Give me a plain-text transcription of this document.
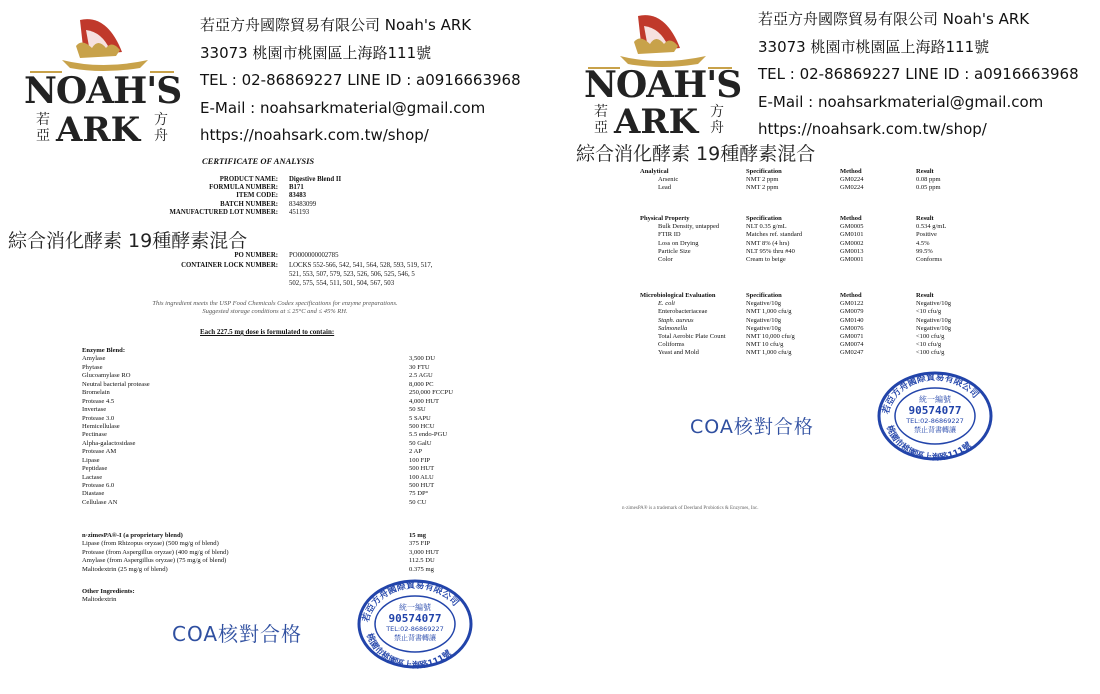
NOAH'S
若
亞 ARK 方
舟
若亞方舟國際貿易有限公司 Noah's ARK
33073 桃園市桃園區上海路111號
TEL : 02-86869227 LINE ID : a0916663968
E-Mail : noahsarkmaterial@gmail.com
https://noahsark.com.tw/shop/
CERTIFICATE OF ANALYSIS
PRODUCT NAME: Digestive Blend II
FORMULA NUMBER: B171
ITEM CODE: 83483
BATCH NUMBER: 83483099
MANUFACTURED LOT NUMBER: 451193
綜合消化酵素 19種酵素混合
PO NUMBER: PO000000002785
CONTAINER LOCK NUMBER: LOCKS 552-566, 542, 541, 564, 528, 593, 519, 517,
521, 553, 507, 579, 523, 526, 506, 525, 546, 5
502, 575, 554, 511, 501, 504, 567, 503
This ingredient meets the USP Food Chemicals Codex specifications for enzyme preparations.
Suggested storage conditions at ≤ 25°C and ≤ 45% RH.
Each 227.5 mg dose is formulated to contain:
Enzyme Blend:
Amylase	3,500 DU
Phytase	30 FTU
Glucoamylase RO	2.5 AGU
Neutral bacterial protease	8,000 PC
Bromelain	250,000 FCCPU
Protease 4.5	4,000 HUT
Invertase	50 SU
Protease 3.0	5 SAPU
Hemicellulase	500 HCU
Pectinase	5.5 endo-PGU
Alpha-galactosidase	50 GalU
Protease AM	2 AP
Lipase	100 FIP
Peptidase	500 HUT
Lactase	100 ALU
Protease 6.0	500 HUT
Diastase	75 DP°
Cellulase AN	50 CU
n·zimesPA®-I (a proprietary blend)	15 mg
Lipase (from Rhizopus oryzae) (500 mg/g of blend)	375 FIP
Protease (from Aspergillus oryzae) (400 mg/g of blend)	3,000 HUT
Amylase (from Aspergillus oryzae) (75 mg/g of blend)	112.5 DU
Maltodextrin (25 mg/g of blend)	0.375 mg
Other Ingredients:
Maltodextrin
COA核對合格
若亞方舟國際貿易有限公司
桃園市桃園區上海路111號
統一編號
90574077
TEL:02-86869227
禁止背書轉讓
NOAH'S
若
亞 ARK 方
舟
若亞方舟國際貿易有限公司 Noah's ARK
33073 桃園市桃園區上海路111號
TEL : 02-86869227 LINE ID : a0916663968
E-Mail : noahsarkmaterial@gmail.com
https://noahsark.com.tw/shop/
綜合消化酵素 19種酵素混合
Analytical	Specification	Method	Result
Arsenic	NMT 2 ppm	GM0224	0.08 ppm
Lead	NMT 2 ppm	GM0224	0.05 ppm
Physical Property	Specification	Method	Result
Bulk Density, untapped	NLT 0.35 g/mL	GM0005	0.534 g/mL
FTIR ID	Matches ref. standard	GM0101	Positive
Loss on Drying	NMT 8% (4 hrs)	GM0002	4.5%
Particle Size	NLT 95% thru #40	GM0013	99.5%
Color	Cream to beige	GM0001	Conforms
Microbiological Evaluation	Specification	Method	Result
E. coli	Negative/10g	GM0122	Negative/10g
Enterobacteriaceae	NMT 1,000 cfu/g	GM0079	<10 cfu/g
Staph. aureus	Negative/10g	GM0140	Negative/10g
Salmonella	Negative/10g	GM0076	Negative/10g
Total Aerobic Plate Count	NMT 10,000 cfu/g	GM0071	<100 cfu/g
Coliforms	NMT 10 cfu/g	GM0074	<10 cfu/g
Yeast and Mold	NMT 1,000 cfu/g	GM0247	<100 cfu/g
COA核對合格
若亞方舟國際貿易有限公司
桃園市桃園區上海路111號
統一編號
90574077
TEL:02-86869227
禁止背書轉讓
n·zimesPA® is a trademark of Deerland Probiotics & Enzymes, Inc.
